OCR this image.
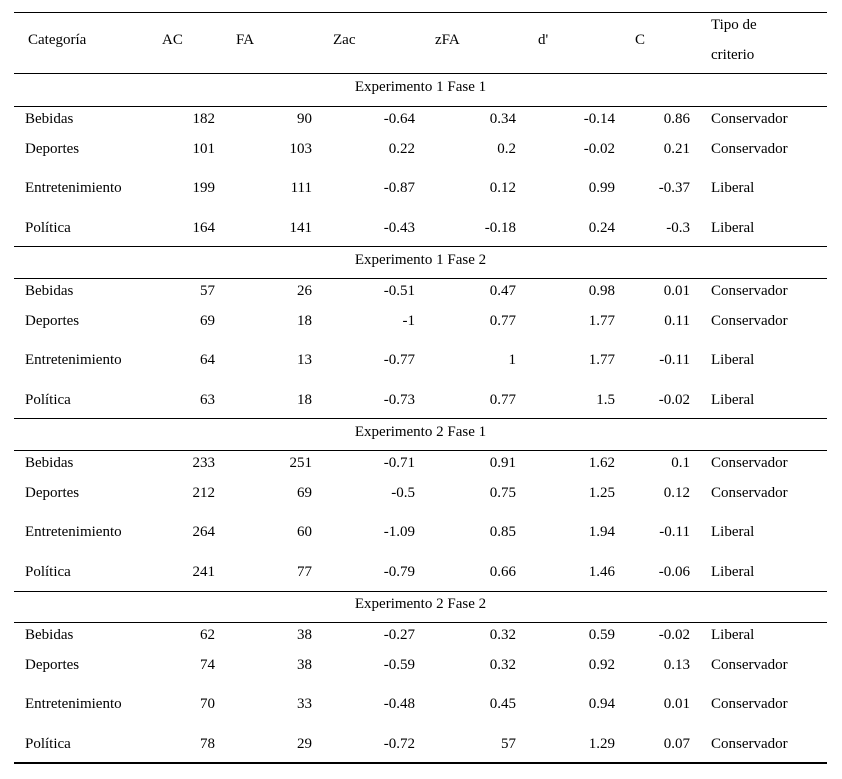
Categoría	AC	FA	Zac	zFA	d'	C
Tipo de
criterio
Experimento 1 Fase 1
Bebidas	182	90	-0.64	0.34	-0.14	0.86 Conservador
Deportes	101	103	0.22	0.2	-0.02	0.21 Conservador
Entretenimiento	199	111	-0.87	0.12	0.99	-0.37 Liberal
Política	164	141	-0.43	-0.18	0.24	-0.3 Liberal
Experimento 1 Fase 2
Bebidas	57	26	-0.51	0.47	0.98	0.01 Conservador
Deportes	69	18	-1	0.77	1.77	0.11 Conservador
Entretenimiento	64	13	-0.77	1	1.77	-0.11 Liberal
Política	63	18	-0.73	0.77	1.5	-0.02 Liberal
Experimento 2 Fase 1
Bebidas	233	251	-0.71	0.91	1.62	0.1 Conservador
Deportes	212	69	-0.5	0.75	1.25	0.12 Conservador
Entretenimiento	264	60	-1.09	0.85	1.94	-0.11 Liberal
Política	241	77	-0.79	0.66	1.46	-0.06 Liberal
Experimento 2 Fase 2
Bebidas	62	38	-0.27	0.32	0.59	-0.02 Liberal
Deportes	74	38	-0.59	0.32	0.92	0.13 Conservador
Entretenimiento	70	33	-0.48	0.45	0.94	0.01 Conservador
Política	78	29	-0.72	57	1.29	0.07 Conservador
